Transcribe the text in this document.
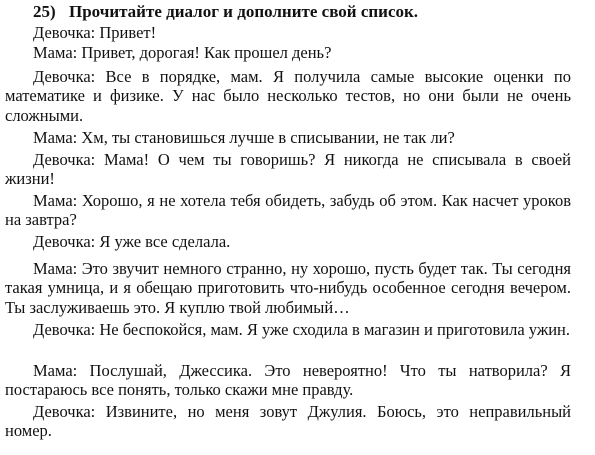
25) Прочитайте диалог и дополните свой список.

Девочка: Привет!

Мама: Привет, дорогая! Как прошел день?

Девочка: Все в порядке, мам. Я получила самые высокие оценки по математике и физике. У нас было несколько тестов, но они были не очень сложными.

Мама: Хм, ты становишься лучше в списывании, не так ли?

Девочка: Мама! О чем ты говоришь? Я никогда не списывала в своей жизни!

Мама: Хорошо, я не хотела тебя обидеть, забудь об этом. Как насчет уроков на завтра?

Девочка: Я уже все сделала.

Мама: Это звучит немного странно, ну хорошо, пусть будет так. Ты сегодня такая умница, и я обещаю приготовить что-нибудь особенное сегодня вечером. Ты заслуживаешь это. Я куплю твой любимый…

Девочка: Не беспокойся, мам. Я уже сходила в магазин и приготовила ужин.

Мама: Послушай, Джессика. Это невероятно! Что ты натворила? Я постараюсь все понять, только скажи мне правду.

Девочка: Извините, но меня зовут Джулия. Боюсь, это неправильный номер.
